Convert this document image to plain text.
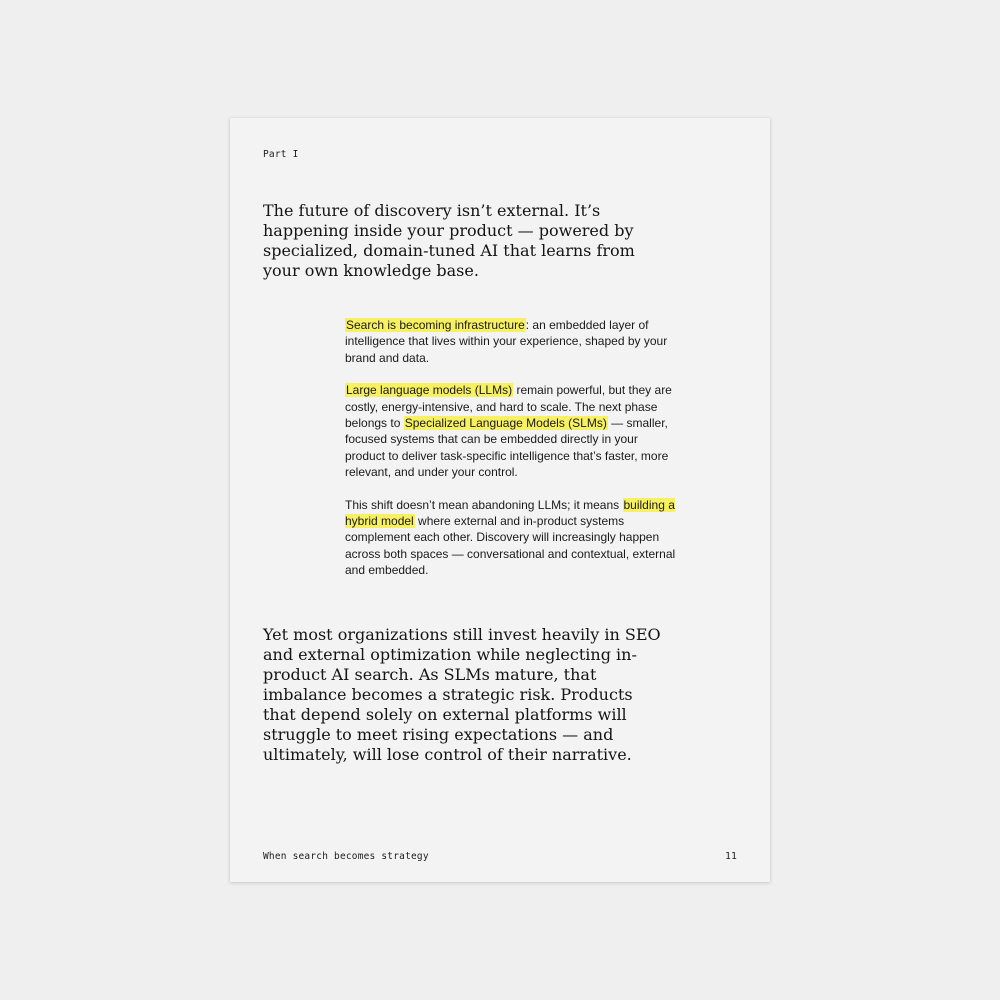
Part I

The future of discovery isn’t external. It’s happening inside your product — powered by specialized, domain-tuned AI that learns from your own knowledge base.

Search is becoming infrastructure: an embedded layer of intelligence that lives within your experience, shaped by your brand and data.

Large language models (LLMs) remain powerful, but they are costly, energy-intensive, and hard to scale. The next phase belongs to Specialized Language Models (SLMs) — smaller, focused systems that can be embedded directly in your product to deliver task-specific intelligence that’s faster, more relevant, and under your control.

This shift doesn’t mean abandoning LLMs; it means building a hybrid model where external and in-product systems complement each other. Discovery will increasingly happen across both spaces — conversational and contextual, external and embedded.

Yet most organizations still invest heavily in SEO and external optimization while neglecting in-product AI search. As SLMs mature, that imbalance becomes a strategic risk. Products that depend solely on external platforms will struggle to meet rising expectations — and ultimately, will lose control of their narrative.

When search becomes strategy	11
